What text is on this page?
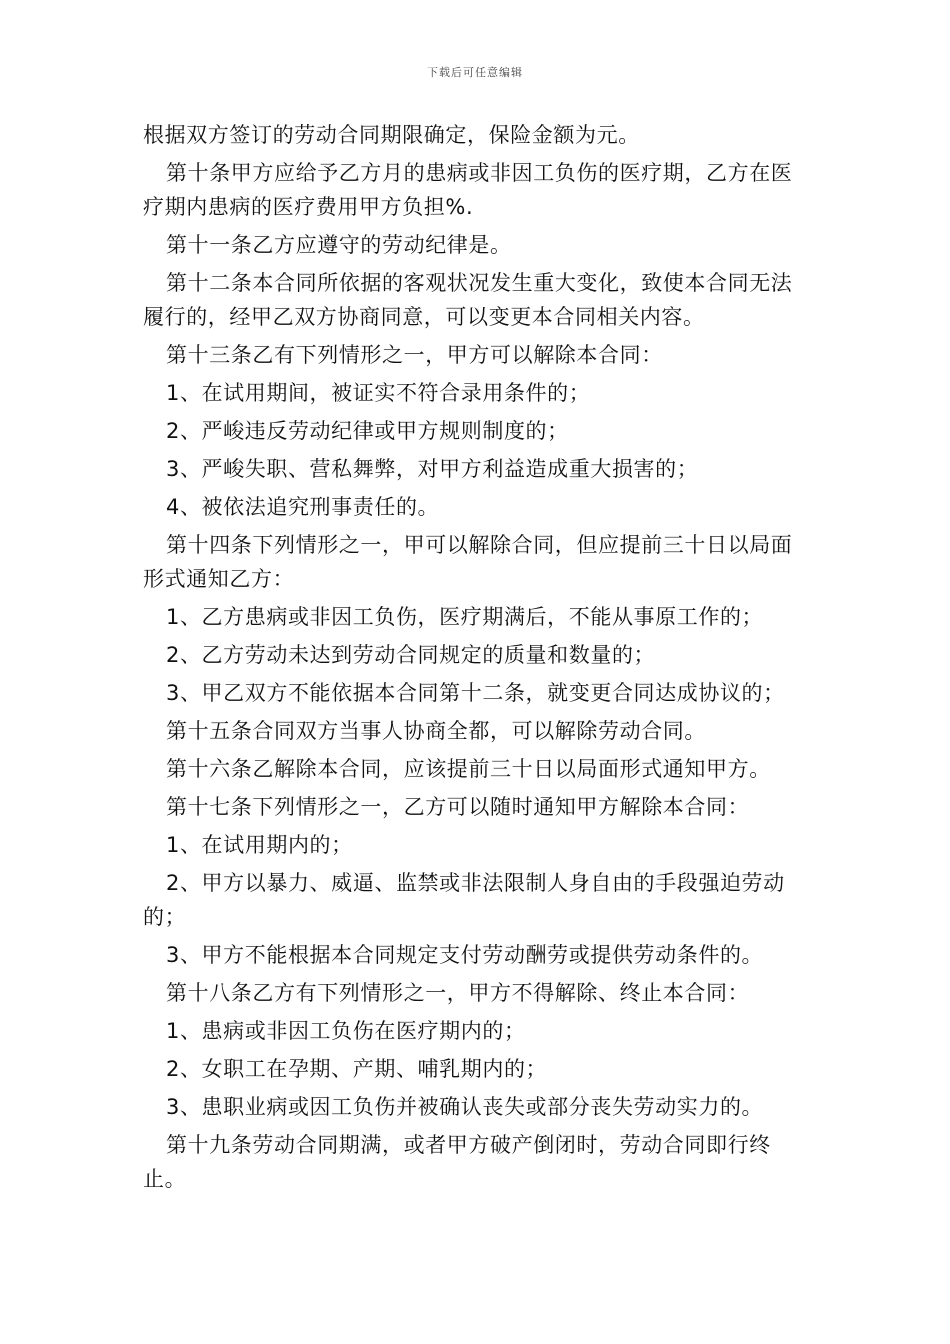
下载后可任意编辑

根据双方签订的劳动合同期限确定，保险金额为元。

第十条甲方应给予乙方月的患病或非因工负伤的医疗期，乙方在医疗期内患病的医疗费用甲方负担%.

第十一条乙方应遵守的劳动纪律是。

第十二条本合同所依据的客观状况发生重大变化，致使本合同无法履行的，经甲乙双方协商同意，可以变更本合同相关内容。

第十三条乙有下列情形之一，甲方可以解除本合同：

1、在试用期间，被证实不符合录用条件的；

2、严峻违反劳动纪律或甲方规则制度的；

3、严峻失职、营私舞弊，对甲方利益造成重大损害的；

4、被依法追究刑事责任的。

第十四条下列情形之一，甲可以解除合同，但应提前三十日以局面形式通知乙方：

1、乙方患病或非因工负伤，医疗期满后，不能从事原工作的；

2、乙方劳动未达到劳动合同规定的质量和数量的；

3、甲乙双方不能依据本合同第十二条，就变更合同达成协议的；

第十五条合同双方当事人协商全都，可以解除劳动合同。

第十六条乙解除本合同，应该提前三十日以局面形式通知甲方。

第十七条下列情形之一，乙方可以随时通知甲方解除本合同：

1、在试用期内的；

2、甲方以暴力、威逼、监禁或非法限制人身自由的手段强迫劳动的；

3、甲方不能根据本合同规定支付劳动酬劳或提供劳动条件的。

第十八条乙方有下列情形之一，甲方不得解除、终止本合同：

1、患病或非因工负伤在医疗期内的；

2、女职工在孕期、产期、哺乳期内的；

3、患职业病或因工负伤并被确认丧失或部分丧失劳动实力的。

第十九条劳动合同期满，或者甲方破产倒闭时，劳动合同即行终止。
